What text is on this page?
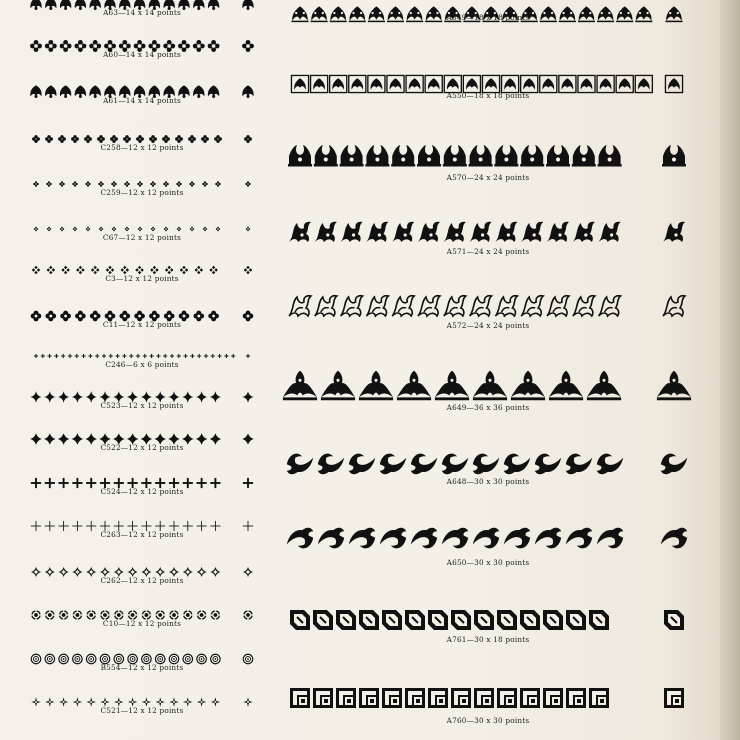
A63—14 x 14 points
A60—14 x 14 points
A61—14 x 14 points
C258—12 x 12 points
C259—12 x 12 points
C67—12 x 12 points
C3—12 x 12 points
C11—12 x 12 points
C246—6 x 6 points
C523—12 x 12 points
C522—12 x 12 points
C524—12 x 12 points
C263—12 x 12 points
C262—12 x 12 points
C10—12 x 12 points
B554—12 x 12 points
C521—12 x 12 points
A549—18 x 18 points
A550—18 x 18 points
A570—24 x 24 points
A571—24 x 24 points
A572—24 x 24 points
A649—36 x 36 points
A648—30 x 30 points
A650—30 x 30 points
A761—30 x 18 points
A760—30 x 30 points
